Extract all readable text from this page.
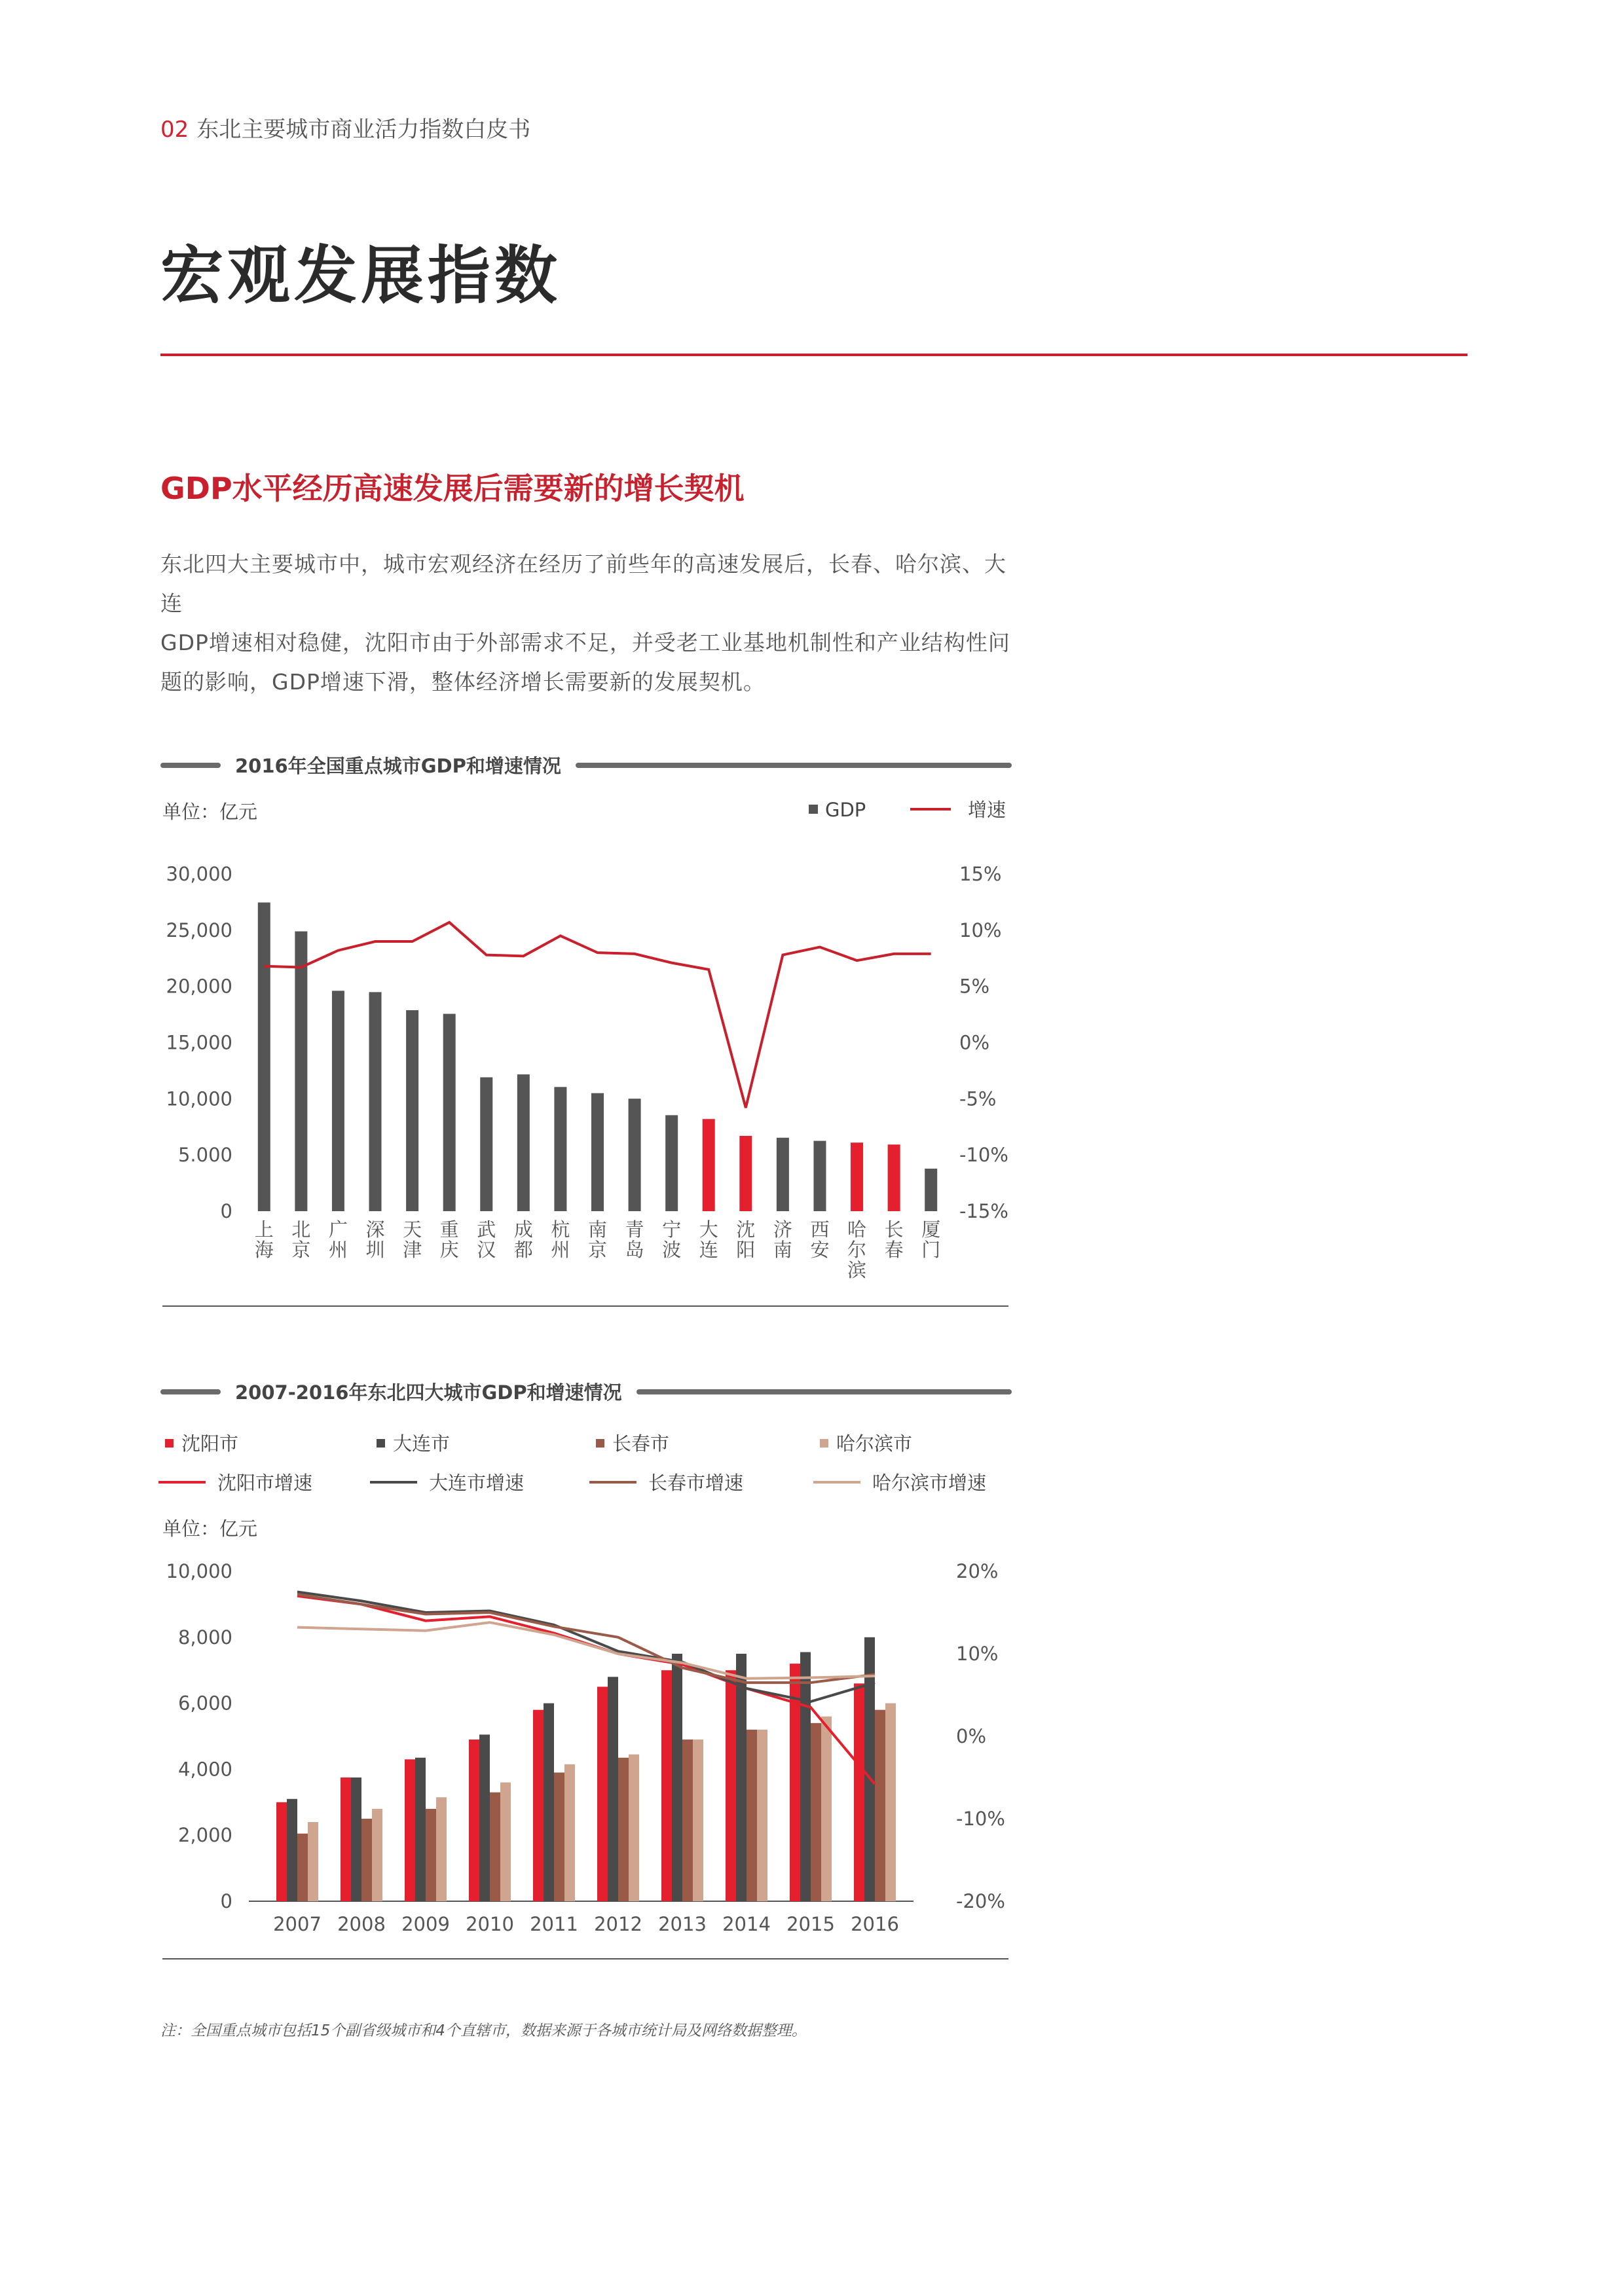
02 东北主要城市商业活力指数白皮书
宏观发展指数
GDP水平经历高速发展后需要新的增长契机
东北四大主要城市中，城市宏观经济在经历了前些年的高速发展后，长春、哈尔滨、大连
GDP增速相对稳健，沈阳市由于外部需求不足，并受老工业基地机制性和产业结构性问
题的影响，GDP增速下滑，整体经济增长需要新的发展契机。
2016年全国重点城市GDP和增速情况
单位：亿元	GDP	增速
0
5.000
10,000
15,000
20,000
25,000
30,000
-15%
-10%
-5%
0%
5%
10%
15%
上
海
北
京
广
州
深
圳
天
津
重
庆
武
汉
成
都
杭
州
南
京
青
岛
宁
波
大
连
沈
阳
济
南
西
安
哈
尔
滨
长
春
厦
门
2007-2016年东北四大城市GDP和增速情况
沈阳市
沈阳市增速
大连市
大连市增速
长春市
长春市增速
哈尔滨市
哈尔滨市增速
单位：亿元
0
2,000
4,000
6,000
8,000
10,000
-20%
-10%
0%
10%
20%
2007 2008 2009 2010 2011 2012 2013 2014 2015 2016
注：全国重点城市包括15个副省级城市和4个直辖市，数据来源于各城市统计局及网络数据整理。
